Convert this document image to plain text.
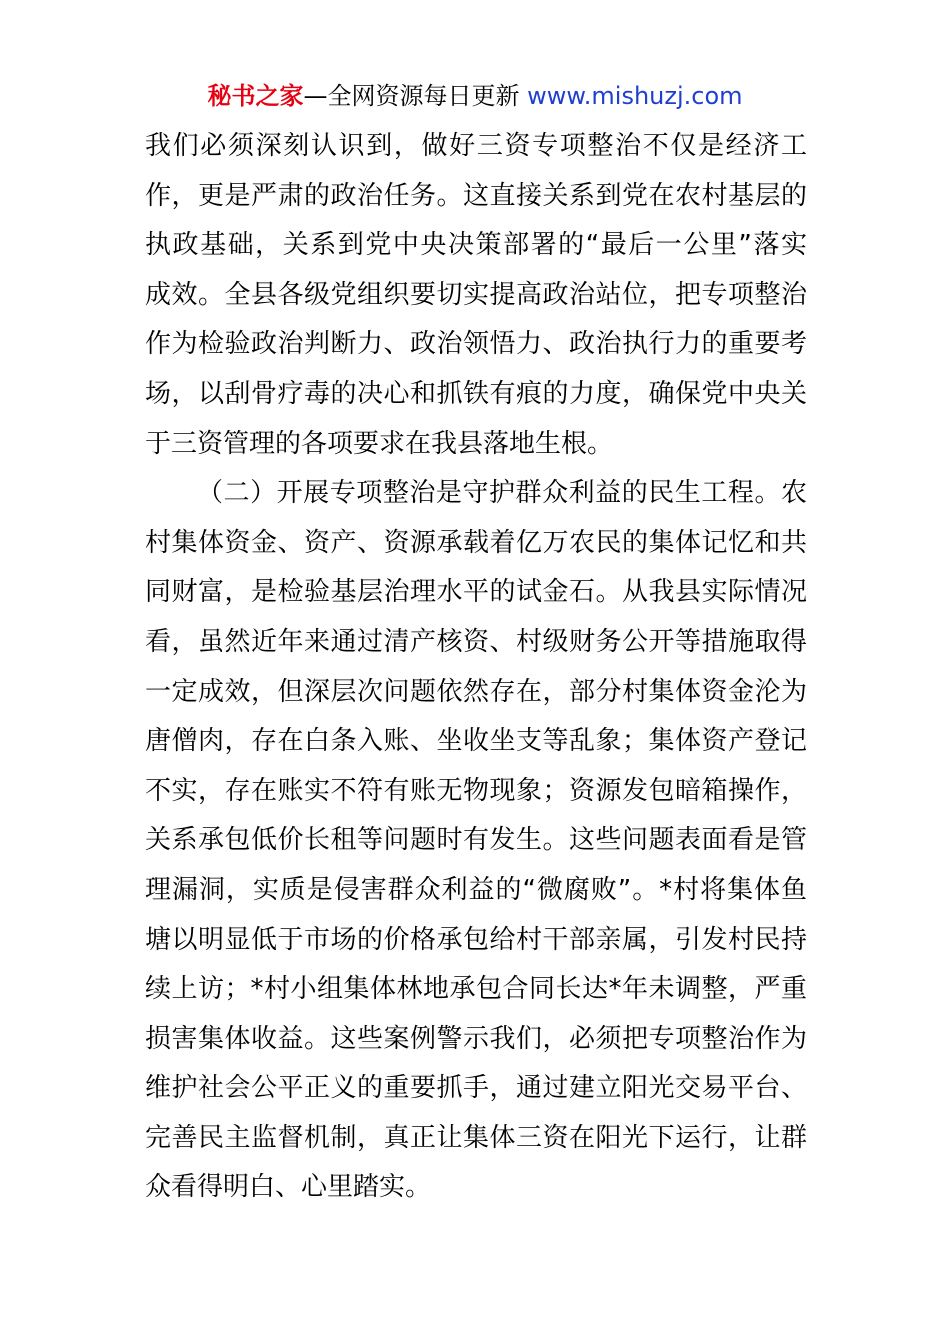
秘书之家—全网资源每日更新 www.mishuzj.com
我们必须深刻认识到，做好三资专项整治不仅是经济工
作，更是严肃的政治任务。这直接关系到党在农村基层的
执政基础，关系到党中央决策部署的“最后一公里”落实
成效。全县各级党组织要切实提高政治站位，把专项整治
作为检验政治判断力、政治领悟力、政治执行力的重要考
场，以刮骨疗毒的决心和抓铁有痕的力度，确保党中央关
于三资管理的各项要求在我县落地生根。
（二）开展专项整治是守护群众利益的民生工程。农
村集体资金、资产、资源承载着亿万农民的集体记忆和共
同财富，是检验基层治理水平的试金石。从我县实际情况
看，虽然近年来通过清产核资、村级财务公开等措施取得
一定成效，但深层次问题依然存在，部分村集体资金沦为
唐僧肉，存在白条入账、坐收坐支等乱象；集体资产登记
不实，存在账实不符有账无物现象；资源发包暗箱操作，
关系承包低价长租等问题时有发生。这些问题表面看是管
理漏洞，实质是侵害群众利益的“微腐败”。*村将集体鱼
塘以明显低于市场的价格承包给村干部亲属，引发村民持
续上访；*村小组集体林地承包合同长达*年未调整，严重
损害集体收益。这些案例警示我们，必须把专项整治作为
维护社会公平正义的重要抓手，通过建立阳光交易平台、
完善民主监督机制，真正让集体三资在阳光下运行，让群
众看得明白、心里踏实。
